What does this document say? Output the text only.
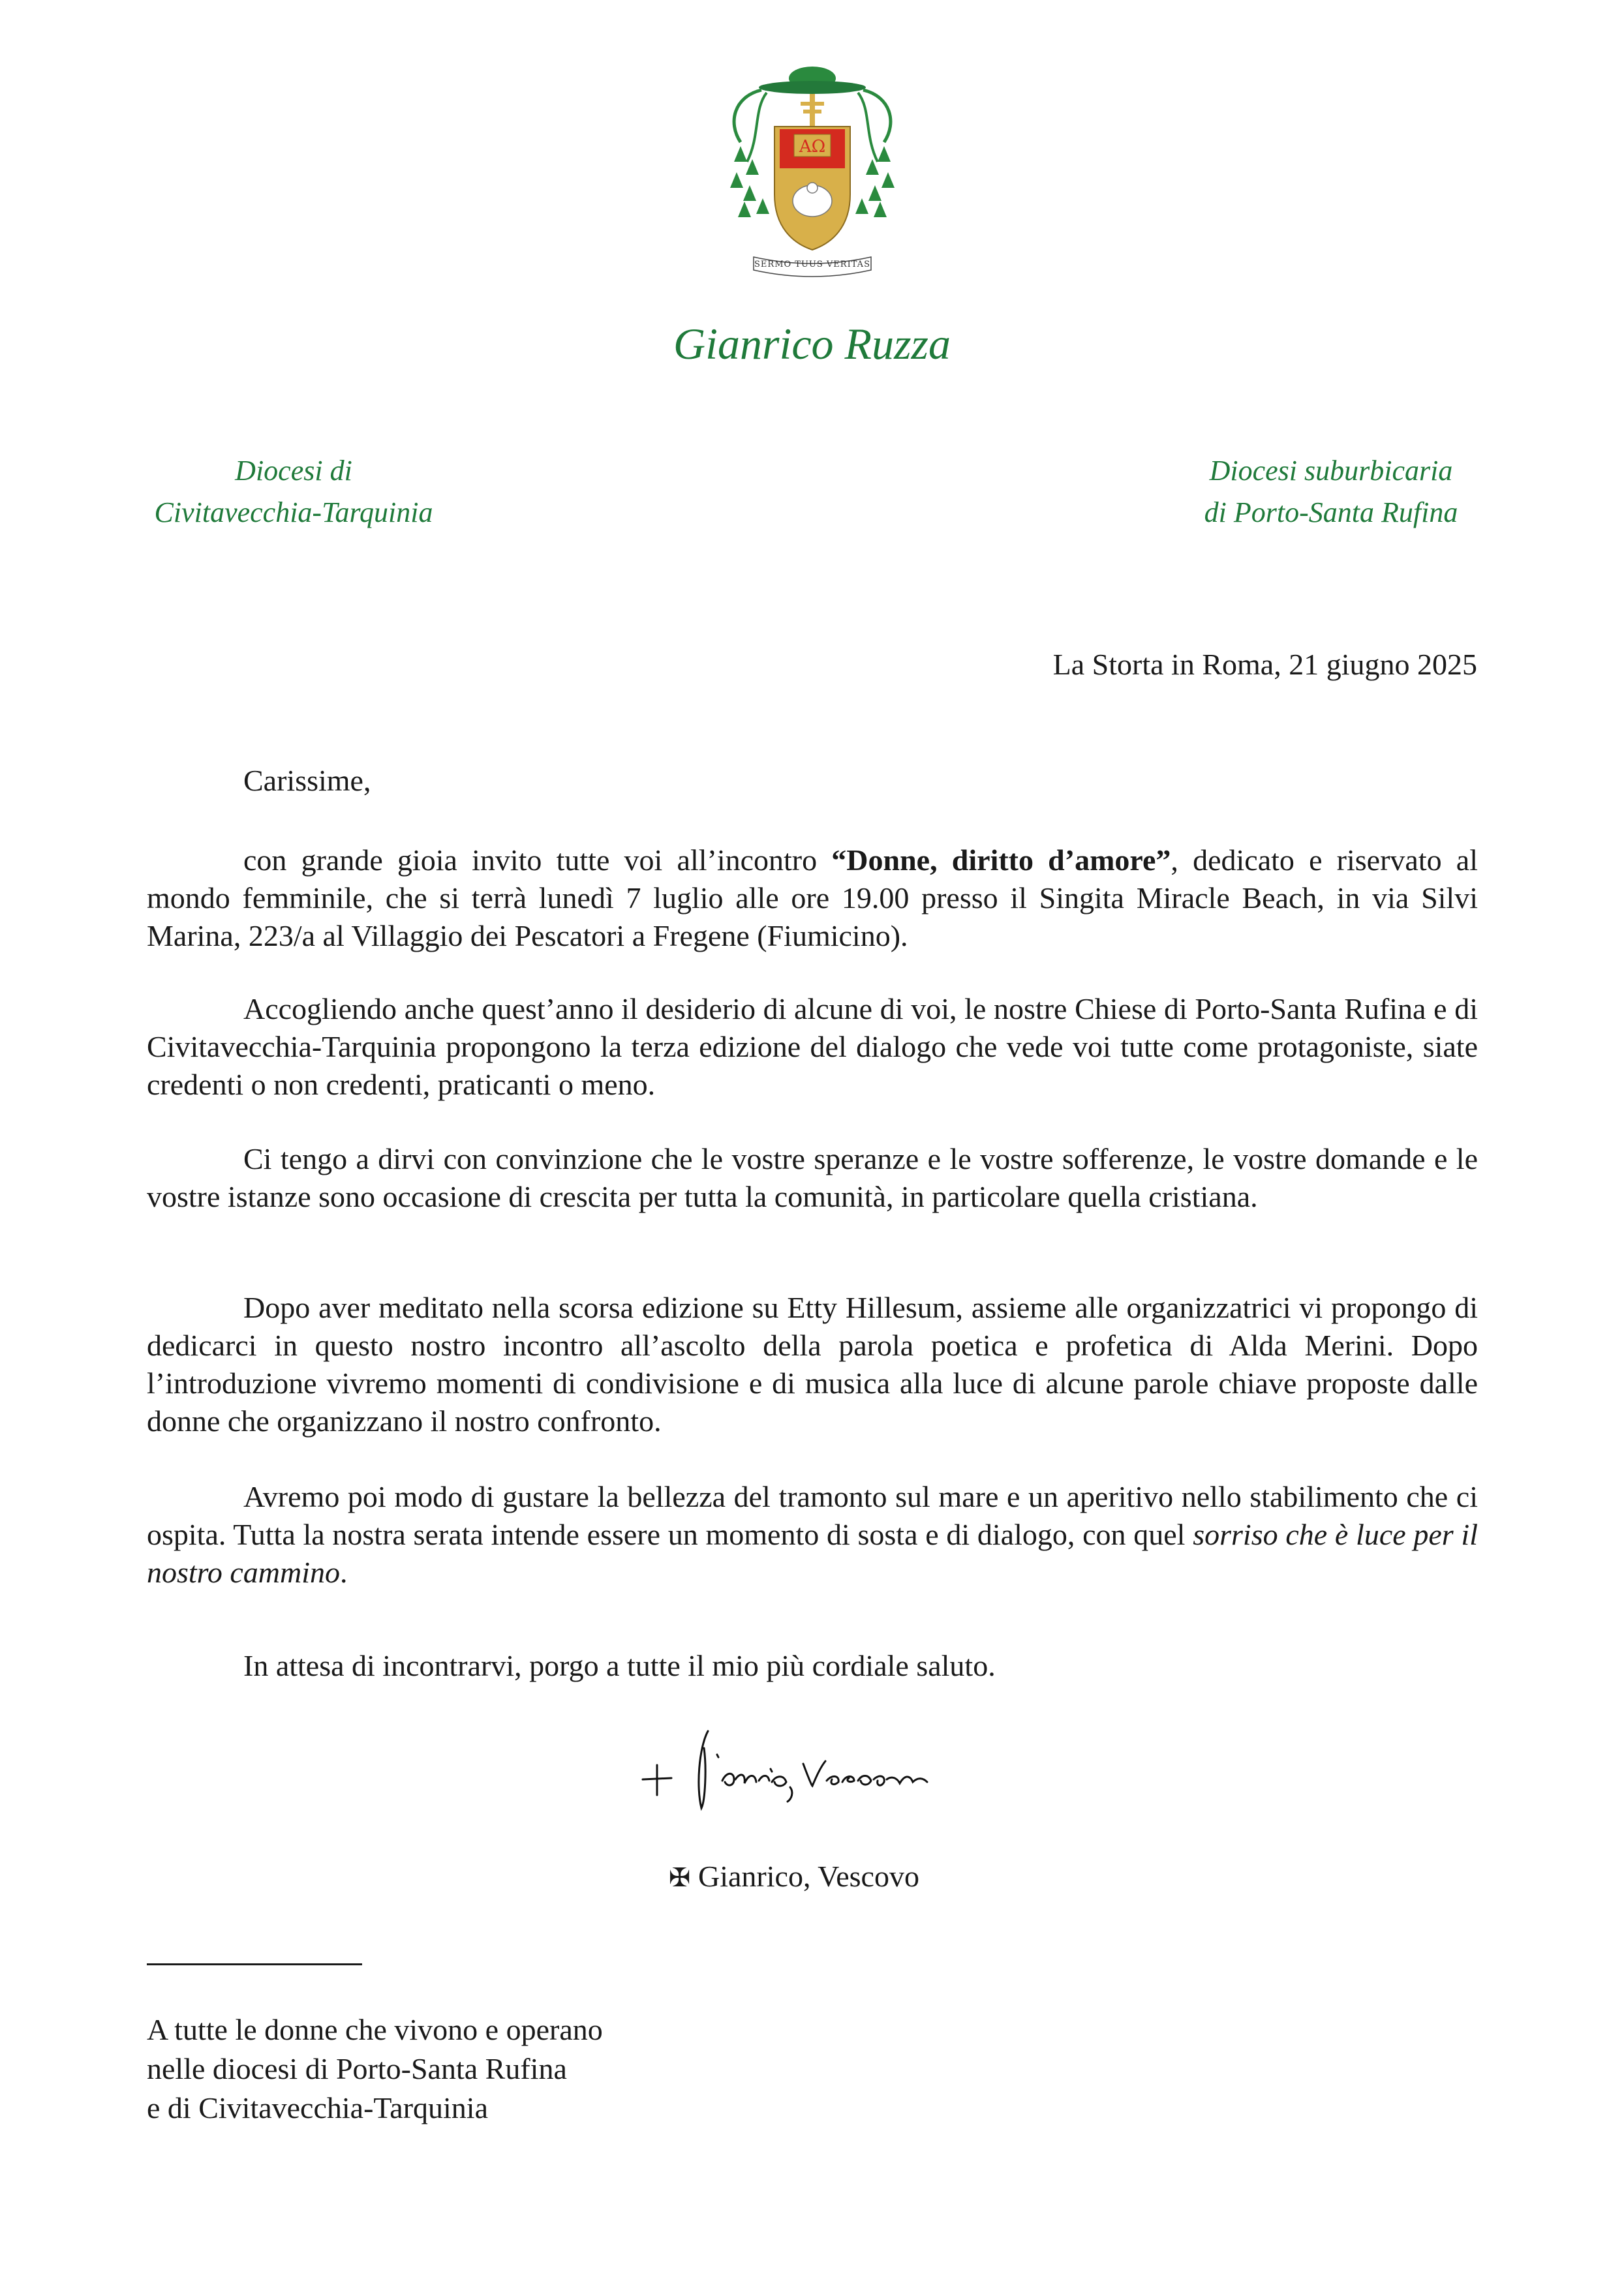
AΩ
SERMO TUUS VERITAS
Gianrico Ruzza
Diocesi di
Civitavecchia-Tarquinia
Diocesi suburbicaria
di Porto-Santa Rufina
La Storta in Roma, 21 giugno 2025
Carissime,

con grande gioia invito tutte voi all’incontro “Donne, diritto d’amore”, dedicato e riservato al mondo femminile, che si terrà lunedì 7 luglio alle ore 19.00 presso il Singita Miracle Beach, in via Silvi Marina, 223/a al Villaggio dei Pescatori a Fregene (Fiumicino).

Accogliendo anche quest’anno il desiderio di alcune di voi, le nostre Chiese di Porto-Santa Rufina e di Civitavecchia-Tarquinia propongono la terza edizione del dialogo che vede voi tutte come protagoniste, siate credenti o non credenti, praticanti o meno.

Ci tengo a dirvi con convinzione che le vostre speranze e le vostre sofferenze, le vostre domande e le vostre istanze sono occasione di crescita per tutta la comunità, in particolare quella cristiana.

Dopo aver meditato nella scorsa edizione su Etty Hillesum, assieme alle organizzatrici vi propongo di dedicarci in questo nostro incontro all’ascolto della parola poetica e profetica di Alda Merini. Dopo l’introduzione vivremo momenti di condivisione e di musica alla luce di alcune parole chiave proposte dalle donne che organizzano il nostro confronto.

Avremo poi modo di gustare la bellezza del tramonto sul mare e un aperitivo nello stabilimento che ci ospita. Tutta la nostra serata intende essere un momento di sosta e di dialogo, con quel sorriso che è luce per il nostro cammino.

In attesa di incontrarvi, porgo a tutte il mio più cordiale saluto.

✠ Gianrico, Vescovo
A tutte le donne che vivono e operano
nelle diocesi di Porto-Santa Rufina
e di Civitavecchia-Tarquinia
